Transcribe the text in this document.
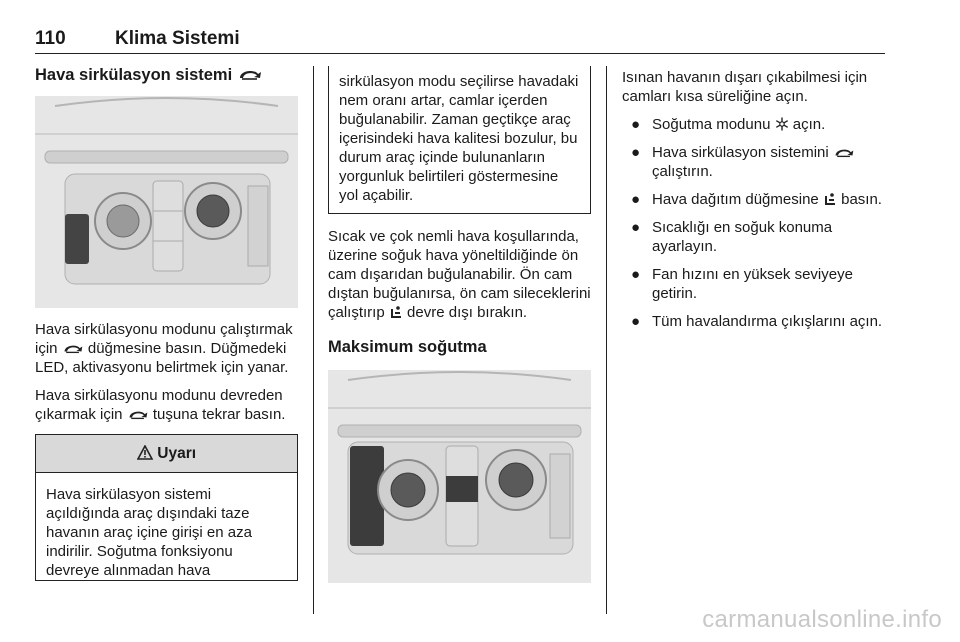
110	Klima Sistemi
Hava sirkülasyon sistemi

Hava sirkülasyonu modunu çalıştırmak için düğmesine basın. Düğmedeki LED, aktivasyonu belirtmek için yanar.

Hava sirkülasyonu modunu devreden çıkarmak için tuşuna tekrar basın.

Uyarı
Hava sirkülasyon sistemi açıldığında araç dışındaki taze havanın araç içine girişi en aza indirilir. Soğutma fonksiyonu devreye alınmadan hava
sirkülasyon modu seçilirse havadaki nem oranı artar, camlar içerden buğulanabilir. Zaman geçtikçe araç içerisindeki hava kalitesi bozulur, bu durum araç içinde bulunanların yorgunluk belirtileri göstermesine yol açabilir.

Sıcak ve çok nemli hava koşullarında, üzerine soğuk hava yöneltildiğinde ön cam dışarıdan buğulanabilir. Ön cam dıştan buğulanırsa, ön cam sileceklerini çalıştırıp devre dışı bırakın.

Maksimum soğutma

Isınan havanın dışarı çıkabilmesi için camları kısa süreliğine açın.

● Soğutma modunu açın.
● Hava sirkülasyon sistemini  çalıştırın.
● Hava dağıtım düğmesine basın.
● Sıcaklığı en soğuk konuma ayarlayın.
● Fan hızını en yüksek seviyeye getirin.
● Tüm havalandırma çıkışlarını açın.
carmanualsonline.info
